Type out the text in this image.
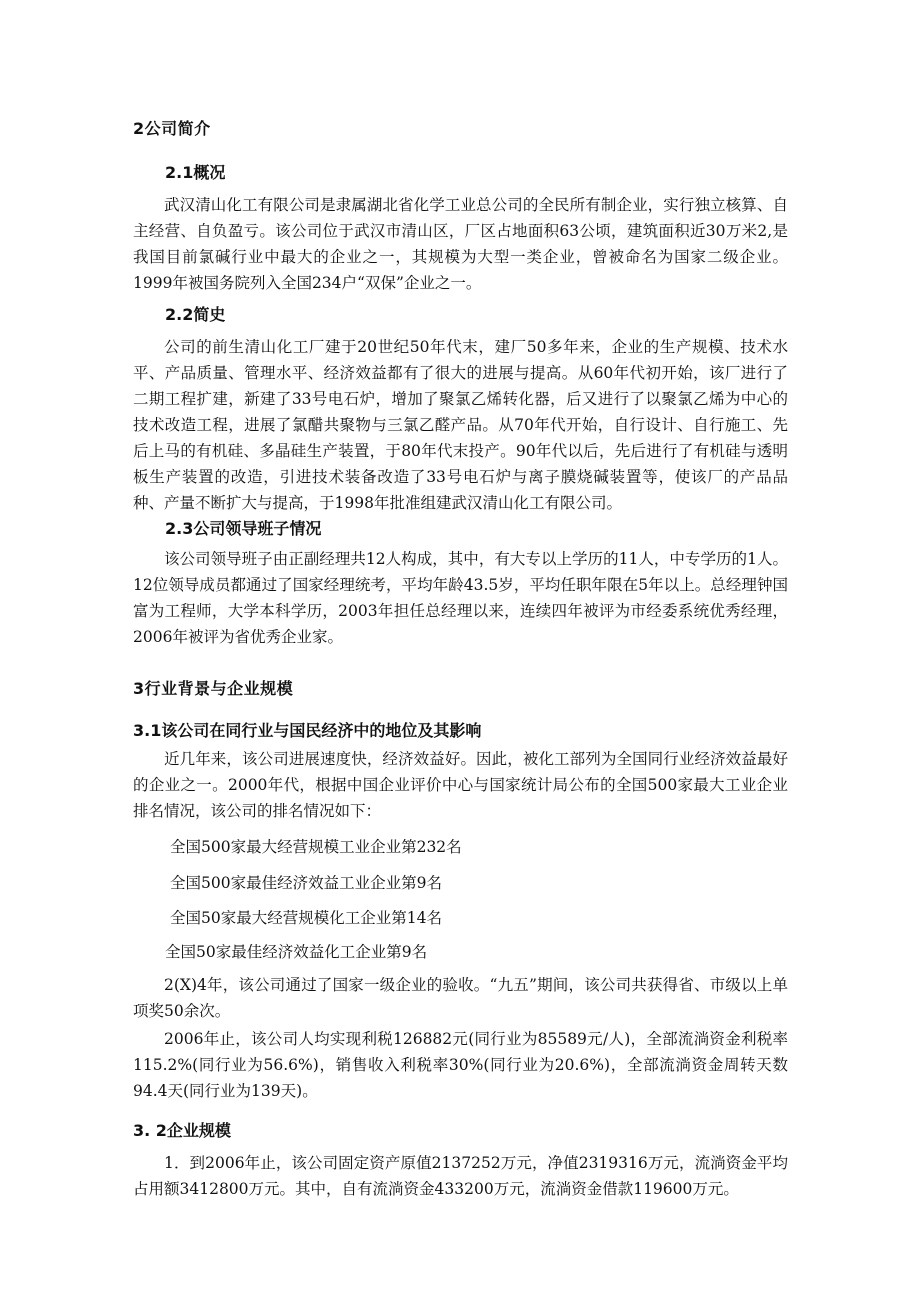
2公司简介
2.1概况

武汉清山化工有限公司是隶属湖北省化学工业总公司的全民所有制企业，实行独立核算、自主经营、自负盈亏。该公司位于武汉市清山区，厂区占地面积63公顷，建筑面积近30万米2,是我国目前氯碱行业中最大的企业之一，其规模为大型一类企业，曾被命名为国家二级企业。1999年被国务院列入全国234户“双保”企业之一。

2.2简史

公司的前生清山化工厂建于20世纪50年代末，建厂50多年来，企业的生产规模、技术水平、产品质量、管理水平、经济效益都有了很大的进展与提高。从60年代初开始，该厂进行了二期工程扩建，新建了33号电石炉，增加了聚氯乙烯转化器，后又进行了以聚氯乙烯为中心的技术改造工程，进展了氯醋共聚物与三氯乙醛产品。从70年代开始，自行设计、自行施工、先后上马的有机硅、多晶硅生产装置，于80年代末投产。90年代以后，先后进行了有机硅与透明板生产装置的改造，引进技术装备改造了33号电石炉与离子膜烧碱装置等，使该厂的产品品种、产量不断扩大与提高，于1998年批准组建武汉清山化工有限公司。

2.3公司领导班子情况

该公司领导班子由正副经理共12人构成，其中，有大专以上学历的11人，中专学历的1人。12位领导成员都通过了国家经理统考，平均年龄43.5岁，平均任职年限在5年以上。总经理钟国富为工程师，大学本科学历，2003年担任总经理以来，连续四年被评为市经委系统优秀经理，2006年被评为省优秀企业家。

3行业背景与企业规模
3.1该公司在同行业与国民经济中的地位及其影响

近几年来，该公司进展速度快，经济效益好。因此，被化工部列为全国同行业经济效益最好的企业之一。2000年代，根据中国企业评价中心与国家统计局公布的全国500家最大工业企业排名情况，该公司的排名情况如下：

全国500家最大经营规模工业企业第232名
全国500家最佳经济效益工业企业第9名
全国50家最大经营规模化工企业第14名
全国50家最佳经济效益化工企业第9名

2(X)4年，该公司通过了国家一级企业的验收。“九五”期间，该公司共获得省、市级以上单项奖50余次。

2006年止，该公司人均实现利税126882元(同行业为85589元/人)，全部流淌资金利税率115.2%(同行业为56.6%)，销售收入利税率30%(同行业为20.6%)，全部流淌资金周转天数94.4天(同行业为139天)。

3. 2企业规模

1．到2006年止，该公司固定资产原值2137252万元，净值2319316万元，流淌资金平均占用额3412800万元。其中，自有流淌资金433200万元，流淌资金借款119600万元。
